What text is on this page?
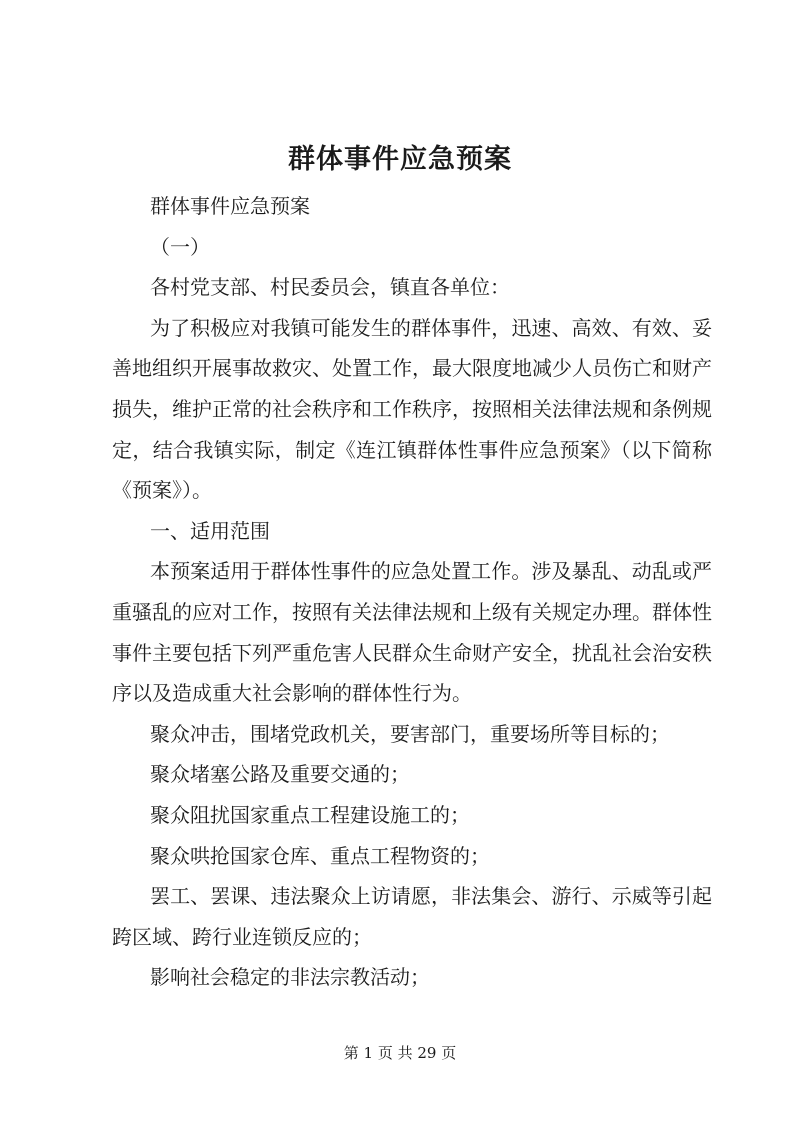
群体事件应急预案

群体事件应急预案

（一）

各村党支部、村民委员会，镇直各单位：

为了积极应对我镇可能发生的群体事件，迅速、高效、有效、妥善地组织开展事故救灾、处置工作，最大限度地减少人员伤亡和财产损失，维护正常的社会秩序和工作秩序，按照相关法律法规和条例规定，结合我镇实际，制定《连江镇群体性事件应急预案》（以下简称《预案》）。

一、适用范围

本预案适用于群体性事件的应急处置工作。涉及暴乱、动乱或严重骚乱的应对工作，按照有关法律法规和上级有关规定办理。群体性事件主要包括下列严重危害人民群众生命财产安全，扰乱社会治安秩序以及造成重大社会影响的群体性行为。

聚众冲击，围堵党政机关，要害部门，重要场所等目标的；

聚众堵塞公路及重要交通的；

聚众阻扰国家重点工程建设施工的；

聚众哄抢国家仓库、重点工程物资的；

罢工、罢课、违法聚众上访请愿，非法集会、游行、示威等引起跨区域、跨行业连锁反应的；

影响社会稳定的非法宗教活动；

第 1 页 共 29 页
